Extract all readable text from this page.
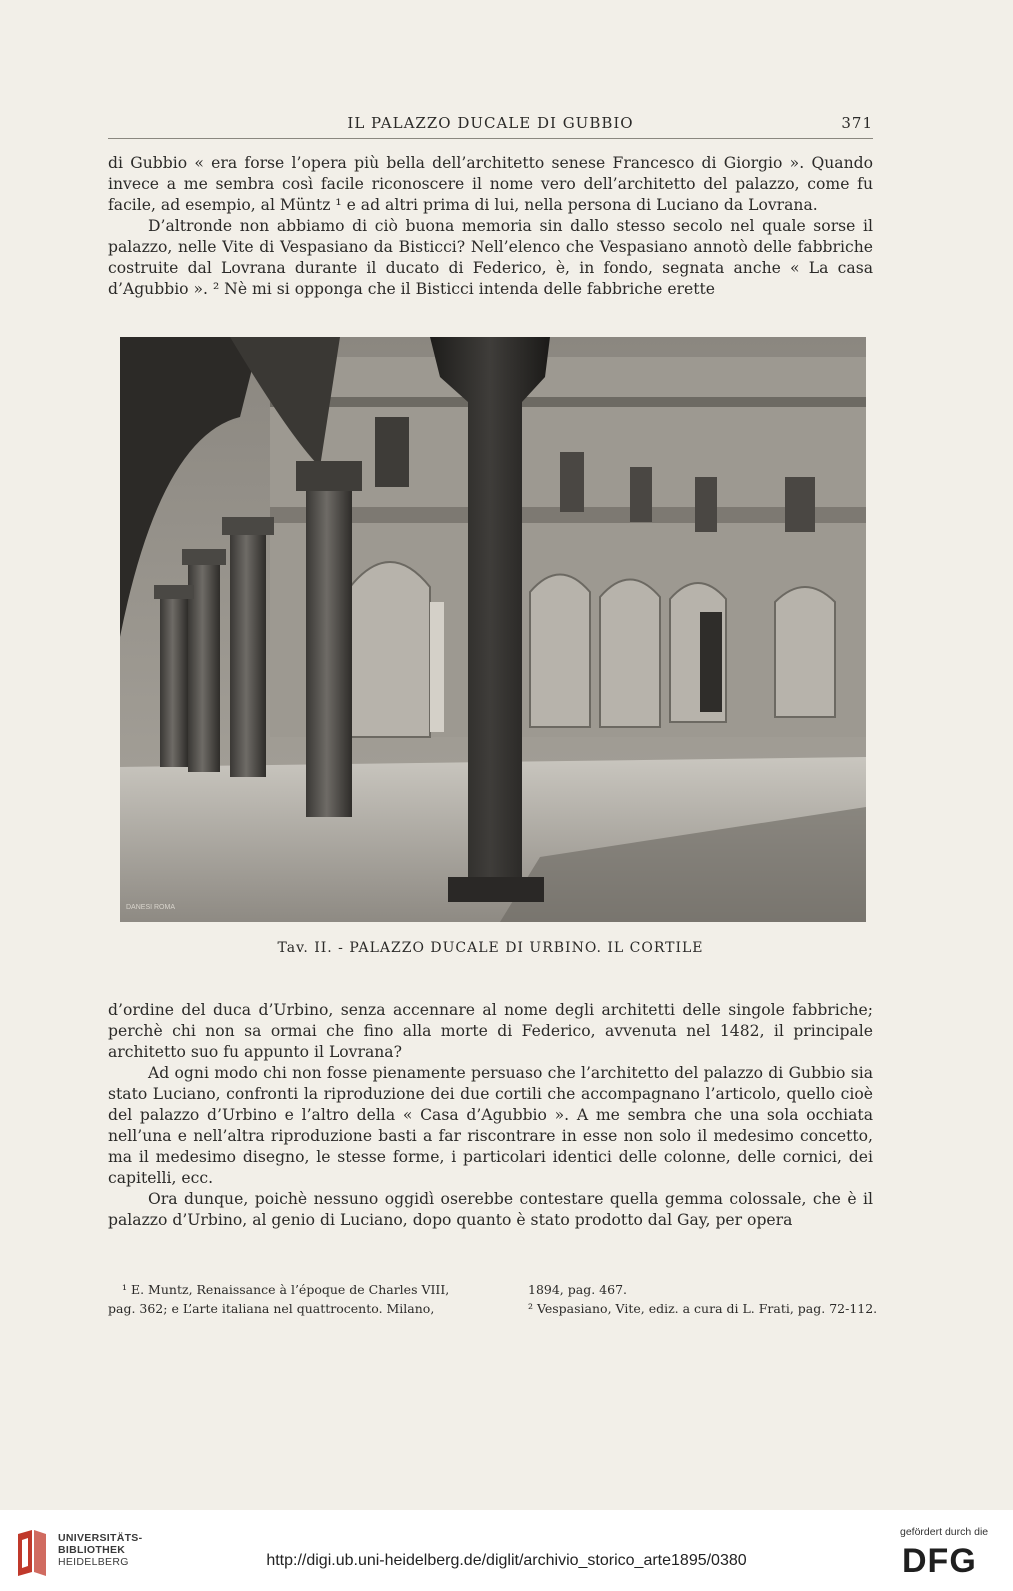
IL PALAZZO DUCALE DI GUBBIO	371

di Gubbio « era forse l’opera più bella dell’architetto senese Francesco di Giorgio ». Quando invece a me sembra così facile riconoscere il nome vero dell’architetto del palazzo, come fu facile, ad esempio, al Müntz ¹ e ad altri prima di lui, nella persona di Luciano da Lovrana.

D’altronde non abbiamo di ciò buona memoria sin dallo stesso secolo nel quale sorse il palazzo, nelle Vite di Vespasiano da Bisticci? Nell’elenco che Vespasiano annotò delle fabbriche costruite dal Lovrana durante il ducato di Federico, è, in fondo, segnata anche « La casa d’Agubbio ». ² Nè mi si opponga che il Bisticci intenda delle fabbriche erette

DANESI ROMA
Tav. II. - PALAZZO DUCALE DI URBINO. IL CORTILE

d’ordine del duca d’Urbino, senza accennare al nome degli architetti delle singole fabbriche; perchè chi non sa ormai che fino alla morte di Federico, avvenuta nel 1482, il principale architetto suo fu appunto il Lovrana?

Ad ogni modo chi non fosse pienamente persuaso che l’architetto del palazzo di Gubbio sia stato Luciano, confronti la riproduzione dei due cortili che accompagnano l’articolo, quello cioè del palazzo d’Urbino e l’altro della « Casa d’Agubbio ». A me sembra che una sola occhiata nell’una e nell’altra riproduzione basti a far riscontrare in esse non solo il medesimo concetto, ma il medesimo disegno, le stesse forme, i particolari identici delle colonne, delle cornici, dei capitelli, ecc.

Ora dunque, poichè nessuno oggidì oserebbe contestare quella gemma colossale, che è il palazzo d’Urbino, al genio di Luciano, dopo quanto è stato prodotto dal Gay, per opera

¹ E. Muntz, Renaissance à l’époque de Charles VIII,
pag. 362; e L’arte italiana nel quattrocento. Milano,
1894, pag. 467.
² Vespasiano, Vite, ediz. a cura di L. Frati, pag. 72-112.
UNIVERSITÄTS-
BIBLIOTHEK
HEIDELBERG	http://digi.ub.uni-heidelberg.de/diglit/archivio_storico_arte1895/0380
gefördert durch die
DFG
